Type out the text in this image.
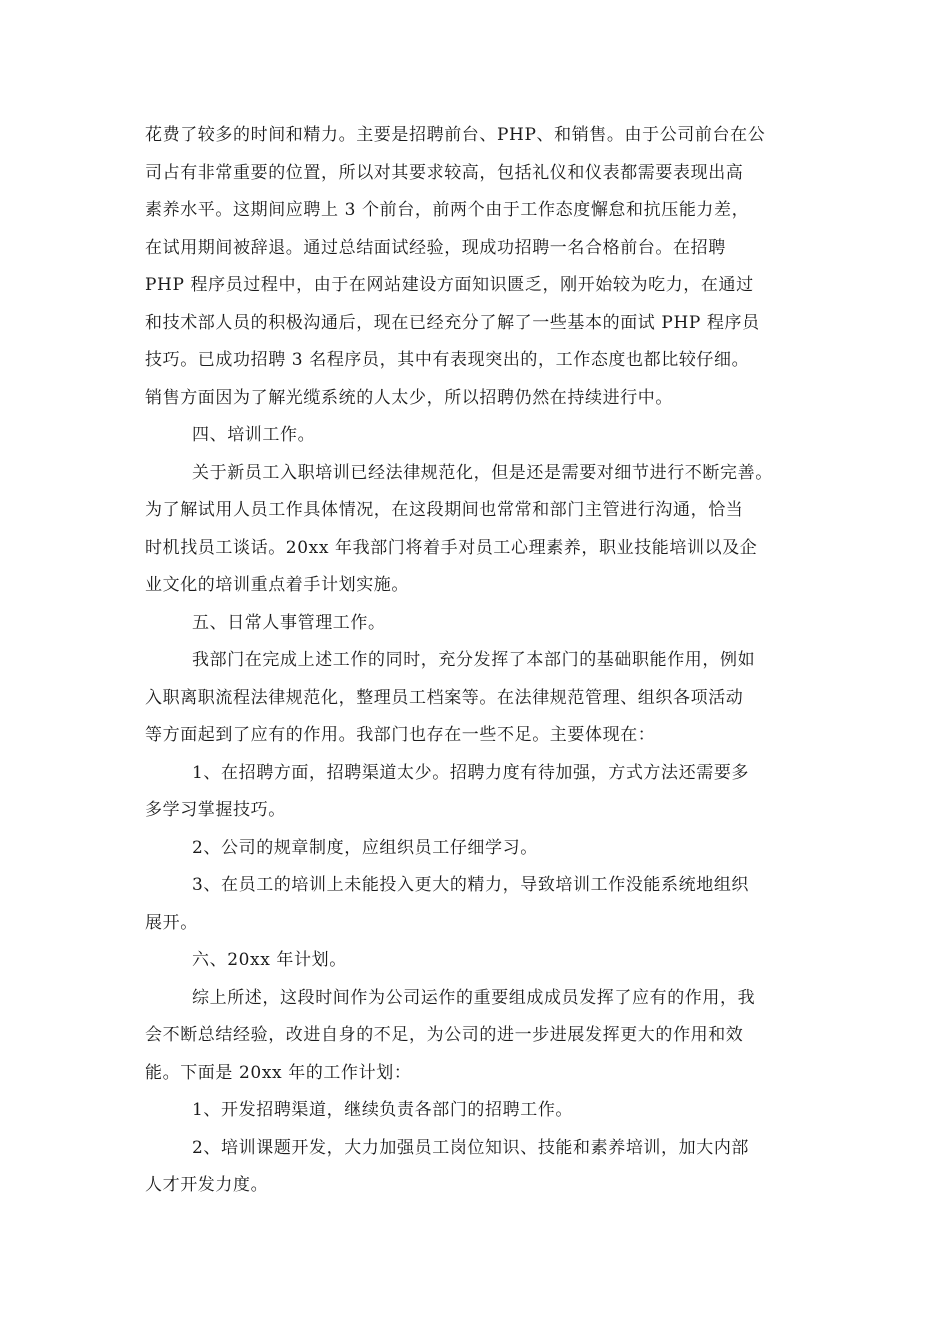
花费了较多的时间和精力。主要是招聘前台、PHP、和销售。由于公司前台在公
司占有非常重要的位置，所以对其要求较高，包括礼仪和仪表都需要表现出高
素养水平。这期间应聘上 3 个前台，前两个由于工作态度懈怠和抗压能力差，
在试用期间被辞退。通过总结面试经验，现成功招聘一名合格前台。在招聘
PHP 程序员过程中，由于在网站建设方面知识匮乏，刚开始较为吃力，在通过
和技术部人员的积极沟通后，现在已经充分了解了一些基本的面试 PHP 程序员
技巧。已成功招聘 3 名程序员，其中有表现突出的，工作态度也都比较仔细。
销售方面因为了解光缆系统的人太少，所以招聘仍然在持续进行中。
四、培训工作。
关于新员工入职培训已经法律规范化，但是还是需要对细节进行不断完善。
为了解试用人员工作具体情况，在这段期间也常常和部门主管进行沟通，恰当
时机找员工谈话。20xx 年我部门将着手对员工心理素养，职业技能培训以及企
业文化的培训重点着手计划实施。
五、日常人事管理工作。
我部门在完成上述工作的同时，充分发挥了本部门的基础职能作用，例如
入职离职流程法律规范化，整理员工档案等。在法律规范管理、组织各项活动
等方面起到了应有的作用。我部门也存在一些不足。主要体现在：
1、在招聘方面，招聘渠道太少。招聘力度有待加强，方式方法还需要多
多学习掌握技巧。
2、公司的规章制度，应组织员工仔细学习。
3、在员工的培训上未能投入更大的精力，导致培训工作没能系统地组织
展开。
六、20xx 年计划。
综上所述，这段时间作为公司运作的重要组成成员发挥了应有的作用，我
会不断总结经验，改进自身的不足，为公司的进一步进展发挥更大的作用和效
能。下面是 20xx 年的工作计划：
1、开发招聘渠道，继续负责各部门的招聘工作。
2、培训课题开发，大力加强员工岗位知识、技能和素养培训，加大内部
人才开发力度。
